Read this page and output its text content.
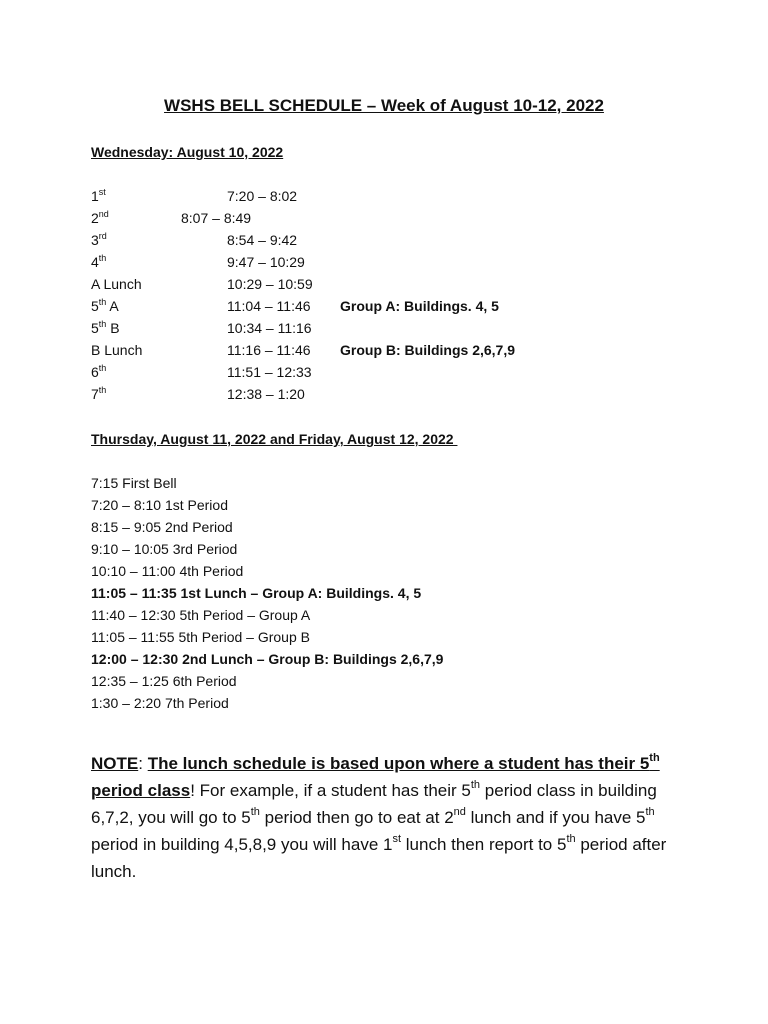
WSHS BELL SCHEDULE – Week of August 10-12, 2022
Wednesday: August 10, 2022
1st	7:20 – 8:02
2nd	8:07 – 8:49
3rd	8:54 – 9:42
4th	9:47 – 10:29
A Lunch	10:29 – 10:59
5th A	11:04 – 11:46 Group A: Buildings. 4, 5
5th B	10:34 – 11:16
B Lunch	11:16 – 11:46 Group B: Buildings 2,6,7,9
6th	11:51 – 12:33
7th	12:38 – 1:20
Thursday, August 11, 2022 and Friday, August 12, 2022
7:15 First Bell
7:20 – 8:10 1st Period
8:15 – 9:05 2nd Period
9:10 – 10:05 3rd Period
10:10 – 11:00 4th Period
11:05 – 11:35 1st Lunch – Group A: Buildings. 4, 5
11:40 – 12:30 5th Period – Group A
11:05 – 11:55 5th Period – Group B
12:00 – 12:30 2nd Lunch – Group B: Buildings 2,6,7,9
12:35 – 1:25 6th Period
1:30 – 2:20 7th Period
NOTE: The lunch schedule is based upon where a student has their 5th period class! For example, if a student has their 5th period class in building 6,7,2, you will go to 5th period then go to eat at 2nd lunch and if you have 5th period in building 4,5,8,9 you will have 1st lunch then report to 5th period after lunch.
